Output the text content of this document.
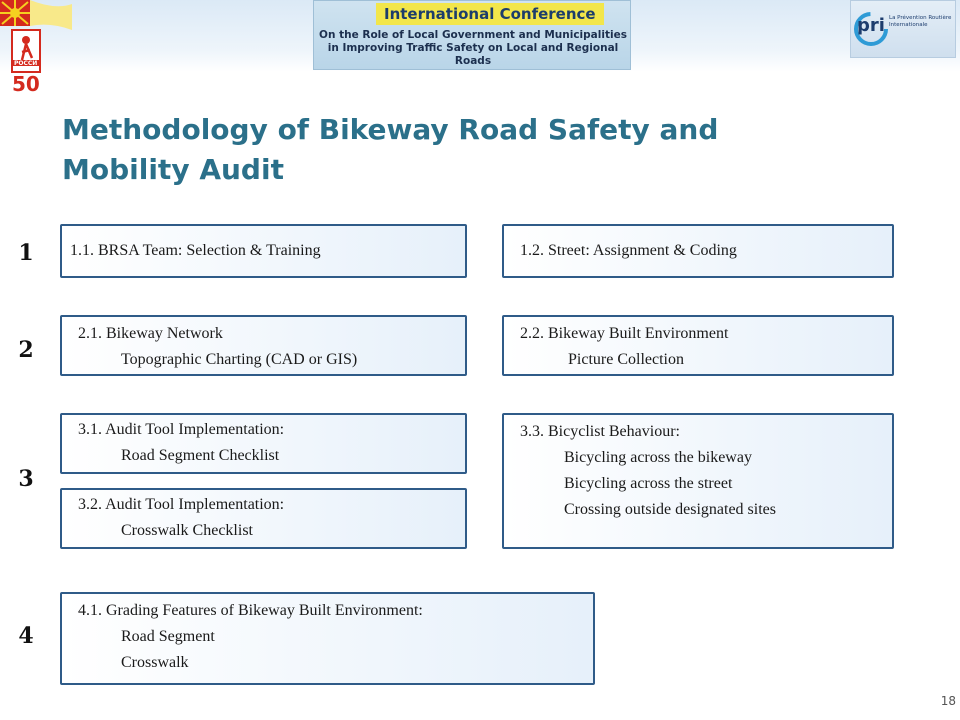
РОССИ
50
International Conference
On the Role of Local Government and Municipalities
in Improving Traffic Safety on Local and Regional Roads
pri La Prévention Routière
Internationale
Methodology of Bikeway Road Safety and
Mobility Audit
1
2
3
4
1.1. BRSA Team: Selection & Training	1.2. Street: Assignment & Coding
2.1. Bikeway Network
Topographic Charting (CAD or GIS)
2.2. Bikeway Built Environment
Picture Collection
3.1. Audit Tool Implementation:
Road Segment Checklist
3.2. Audit Tool Implementation:
Crosswalk Checklist
3.3. Bicyclist Behaviour:
Bicycling across the bikeway
Bicycling across the street
Crossing outside designated sites
4.1. Grading Features of Bikeway Built Environment:
Road Segment
Crosswalk
18
